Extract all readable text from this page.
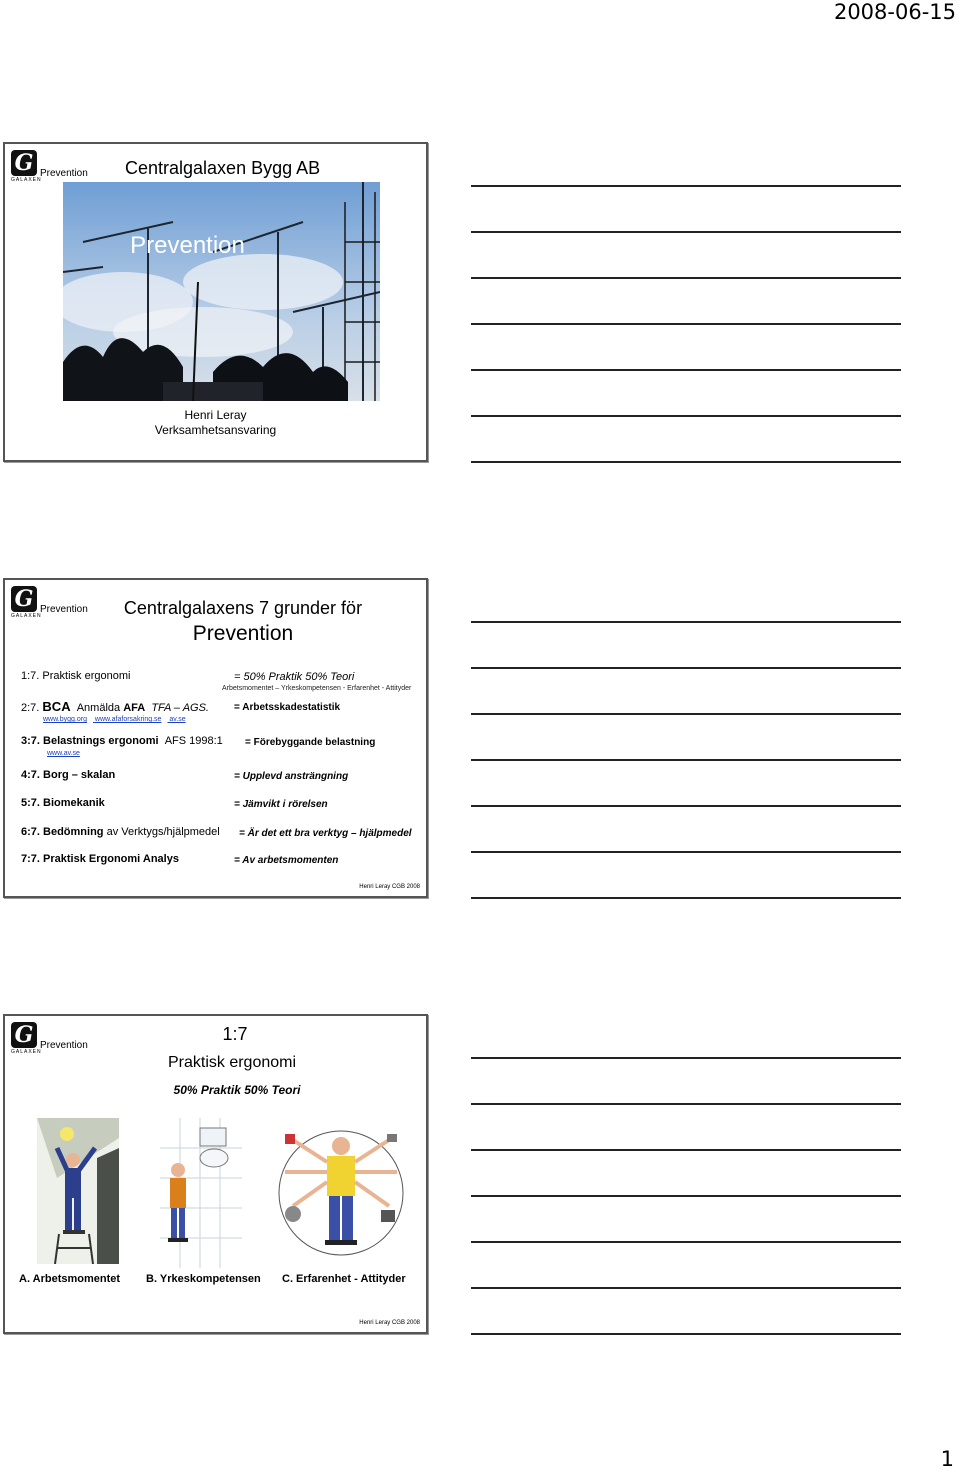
2008-06-15
G
GALAXEN
Prevention Centralgalaxen Bygg AB
Prevention
Henri Leray
Verksamhetsansvaring
G
GALAXEN
Prevention	Centralgalaxens 7 grunder för
Prevention
1:7. Praktisk ergonomi	= 50% Praktik 50% Teori
Arbetsmomentet – Yrkeskompetensen - Erfarenhet - Attityder
2:7. BCA Anmälda AFA TFA – AGS.	= Arbetsskadestatistik
www.bygg.org www.afaforsakring.se av.se
3:7. Belastnings ergonomi AFS 1998:1 = Förebyggande belastning
www.av.se
4:7. Borg – skalan	= Upplevd ansträngning
5:7. Biomekanik	= Jämvikt i rörelsen
6:7. Bedömning av Verktygs/hjälpmedel = Är det ett bra verktyg – hjälpmedel
7:7. Praktisk Ergonomi Analys	= Av arbetsmomenten
Henri Leray CGB 2008
G
GALAXEN
Prevention
1:7
Praktisk ergonomi
50% Praktik 50% Teori
A. Arbetsmomentet B. Yrkeskompetensen C. Erfarenhet - Attityder
Henri Leray CGB 2008
1
